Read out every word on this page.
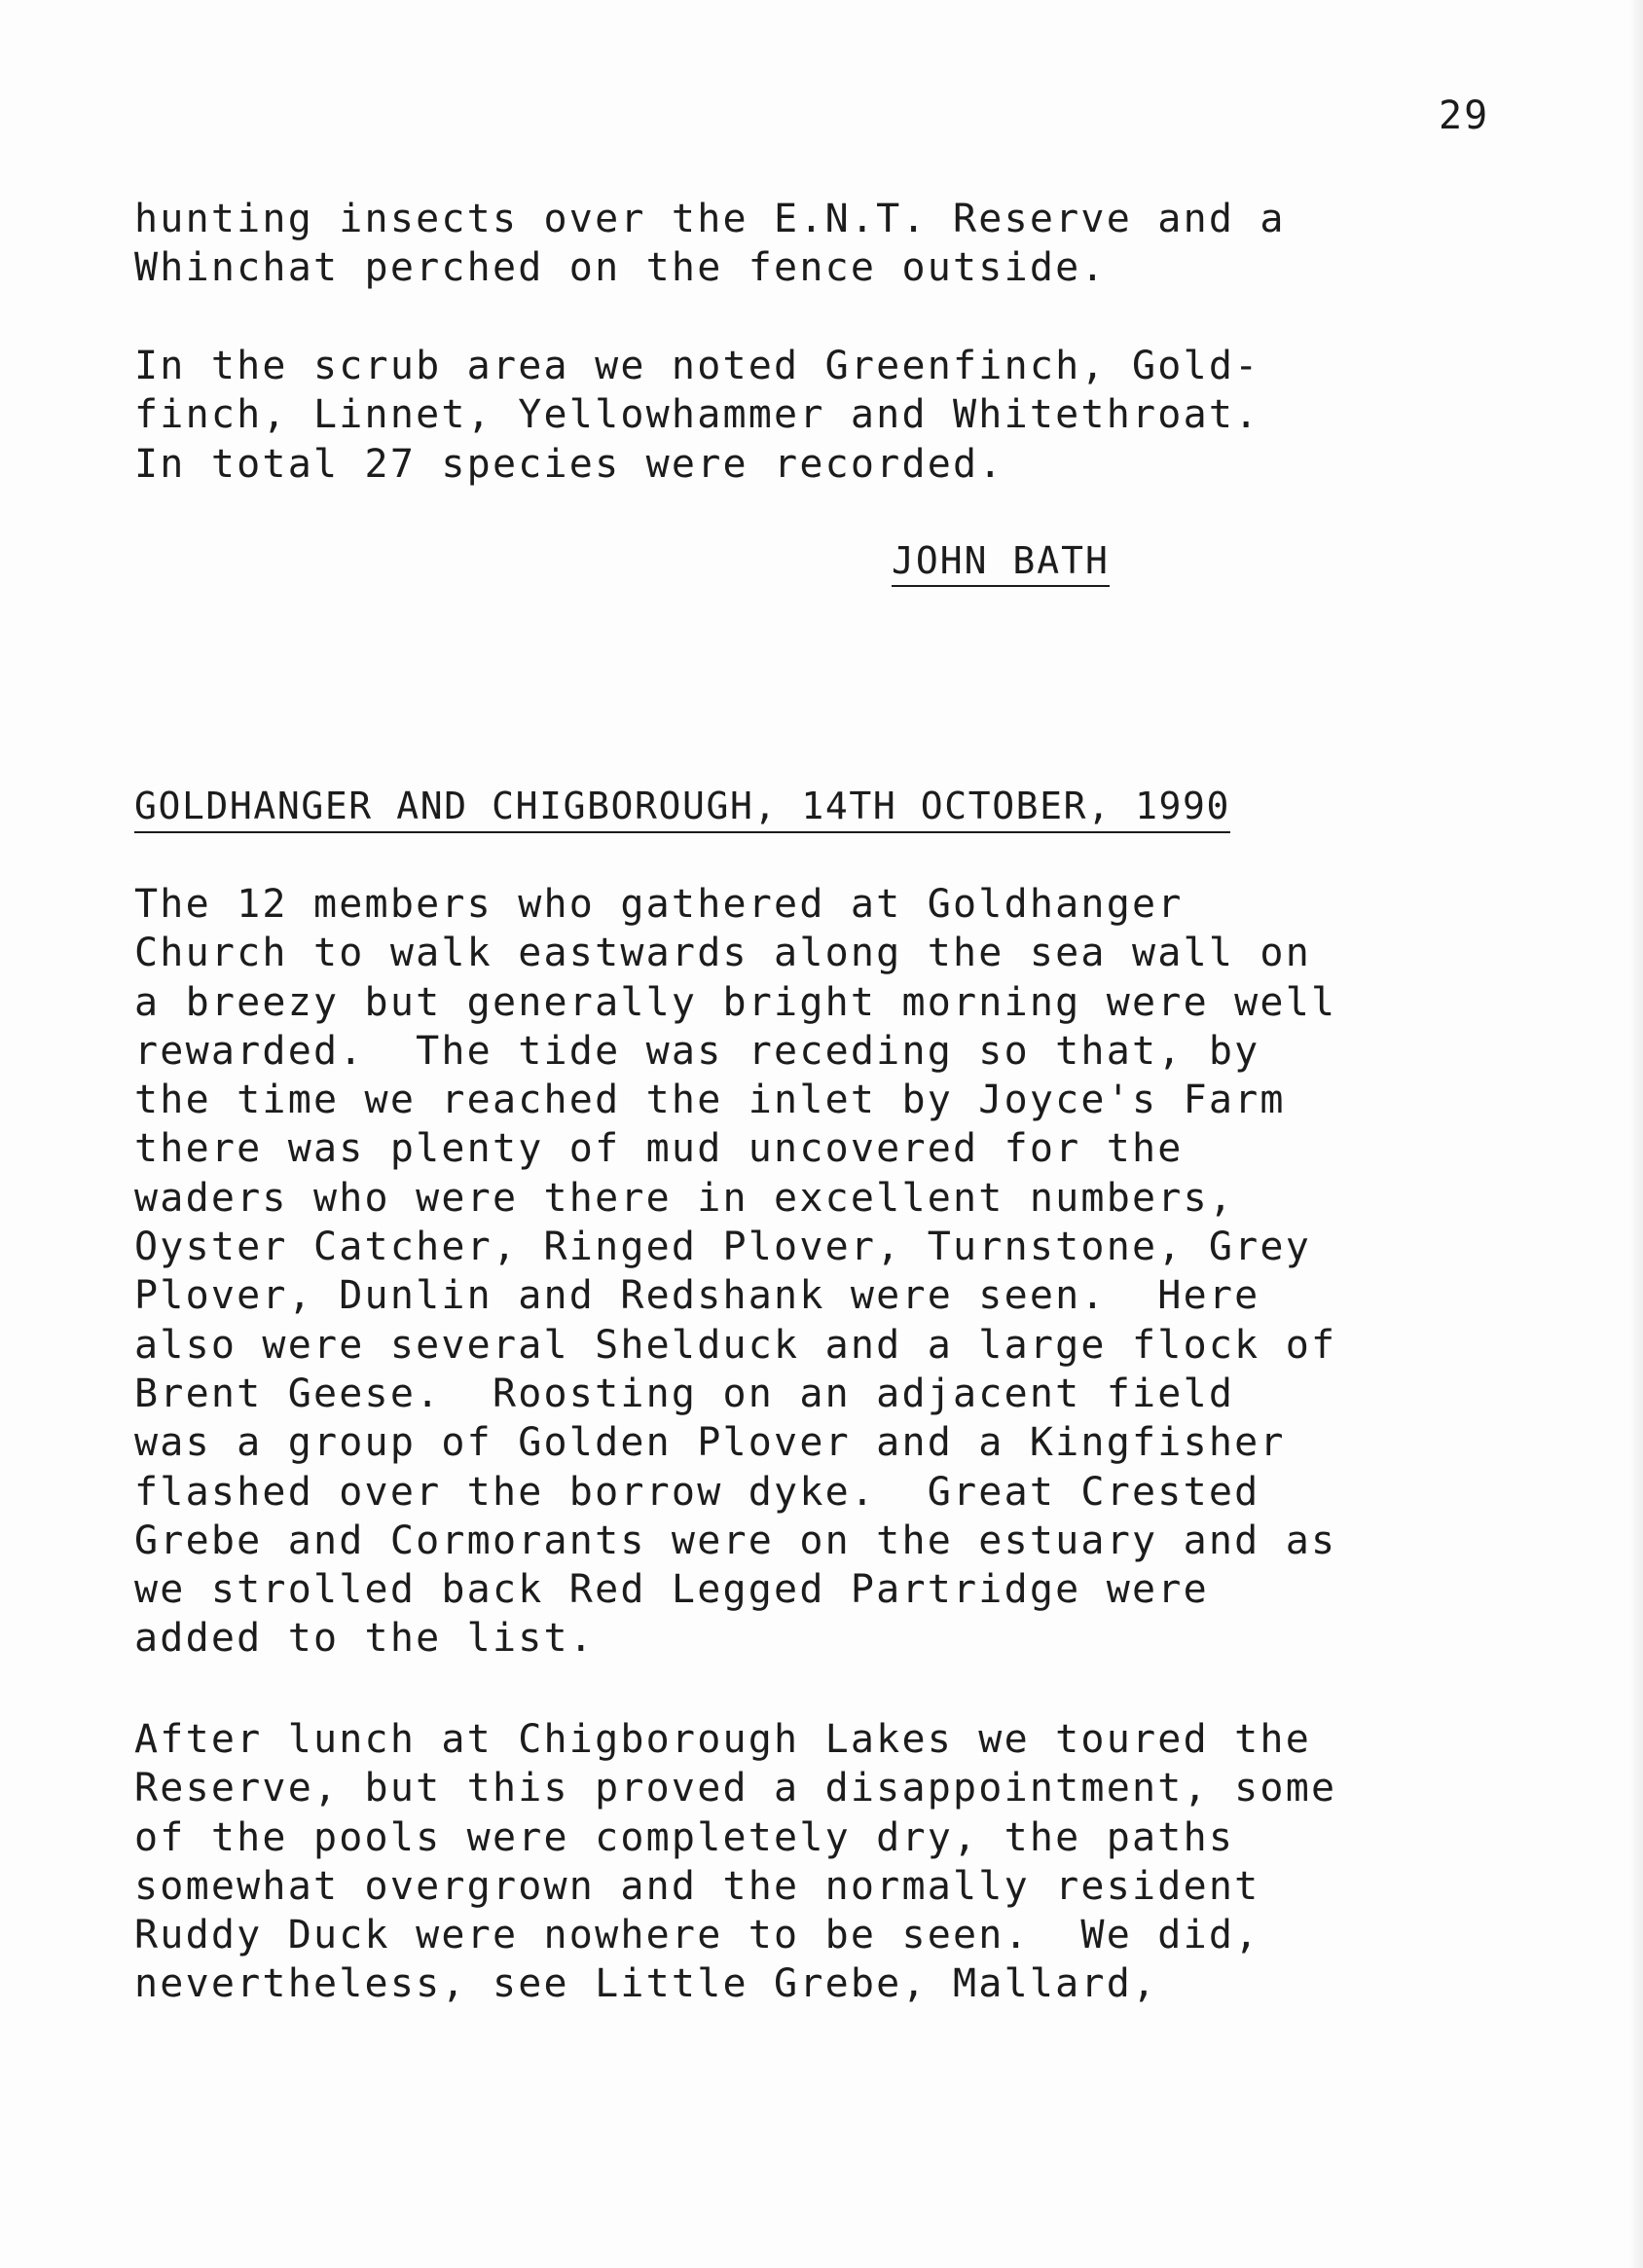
29
hunting insects over the E.N.T. Reserve and a
Whinchat perched on the fence outside.
In the scrub area we noted Greenfinch, Gold-
finch, Linnet, Yellowhammer and Whitethroat.
In total 27 species were recorded.
JOHN BATH
GOLDHANGER AND CHIGBOROUGH, 14TH OCTOBER, 1990
The 12 members who gathered at Goldhanger
Church to walk eastwards along the sea wall on
a breezy but generally bright morning were well
rewarded.  The tide was receding so that, by
the time we reached the inlet by Joyce's Farm
there was plenty of mud uncovered for the
waders who were there in excellent numbers,
Oyster Catcher, Ringed Plover, Turnstone, Grey
Plover, Dunlin and Redshank were seen.  Here
also were several Shelduck and a large flock of
Brent Geese.  Roosting on an adjacent field
was a group of Golden Plover and a Kingfisher
flashed over the borrow dyke.  Great Crested
Grebe and Cormorants were on the estuary and as
we strolled back Red Legged Partridge were
added to the list.
After lunch at Chigborough Lakes we toured the
Reserve, but this proved a disappointment, some
of the pools were completely dry, the paths
somewhat overgrown and the normally resident
Ruddy Duck were nowhere to be seen.  We did,
nevertheless, see Little Grebe, Mallard,
